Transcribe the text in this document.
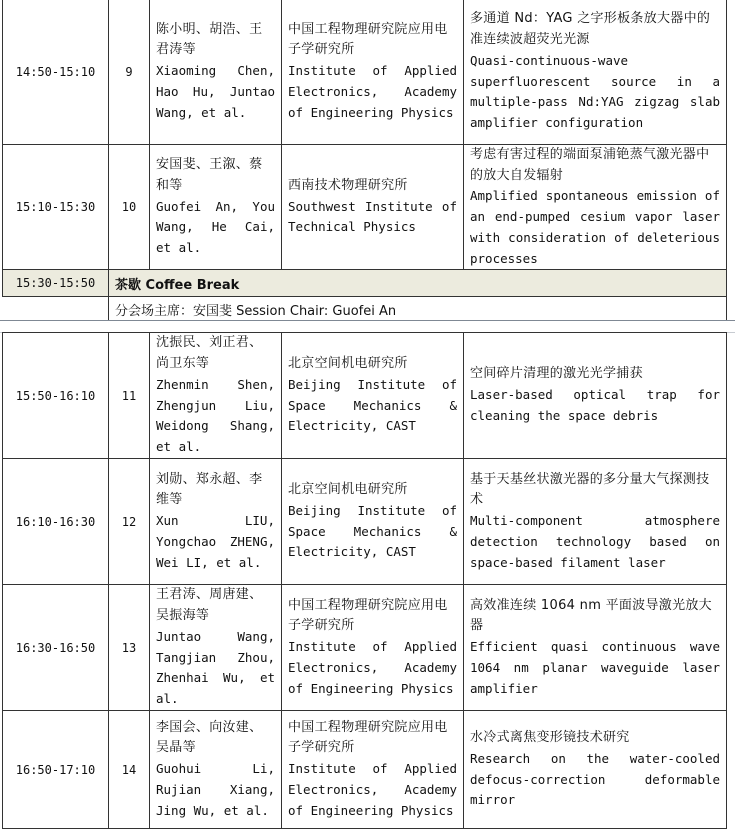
14:50-15:10	9	陈小明、胡浩、王君涛等
Xiaoming Chen, Hao Hu, Juntao Wang, et al.	中国工程物理研究院应用电子学研究所
Institute of Applied Electronics, Academy of Engineering Physics	多通道 Nd：YAG 之字形板条放大器中的准连续波超荧光光源
Quasi-continuous-wave superfluorescent source in a multiple-pass Nd:YAG zigzag slab amplifier configuration

15:10-15:30	10	安国斐、王溆、蔡和等
Guofei An, You Wang, He Cai, et al.	西南技术物理研究所
Southwest Institute of Technical Physics	考虑有害过程的端面泵浦铯蒸气激光器中的放大自发辐射
Amplified spontaneous emission of an end-pumped cesium vapor laser with consideration of deleterious processes

15:30-15:50	茶歇 Coffee Break			
	分会场主席：安国斐 Session Chair: Guofei An			
15:50-16:10	11	沈振民、刘正君、尚卫东等
Zhenmin Shen, Zhengjun Liu, Weidong Shang, et al.	北京空间机电研究所
Beijing Institute of Space Mechanics & Electricity, CAST	空间碎片清理的激光光学捕获
Laser-based optical trap for cleaning the space debris

16:10-16:30	12	刘勋、郑永超、李维等
Xun LIU, Yongchao ZHENG, Wei LI, et al.	北京空间机电研究所
Beijing Institute of Space Mechanics & Electricity, CAST	基于天基丝状激光器的多分量大气探测技术
Multi-component atmosphere detection technology based on space-based filament laser

16:30-16:50	13	王君涛、周唐建、吴振海等
Juntao Wang, Tangjian Zhou, Zhenhai Wu, et al.	中国工程物理研究院应用电子学研究所
Institute of Applied Electronics, Academy of Engineering Physics	高效准连续 1064 nm 平面波导激光放大器
Efficient quasi continuous wave 1064 nm planar waveguide laser amplifier

16:50-17:10	14	李国会、向汝建、吴晶等
Guohui Li, Rujian Xiang, Jing Wu, et al.	中国工程物理研究院应用电子学研究所
Institute of Applied Electronics, Academy of Engineering Physics	水冷式离焦变形镜技术研究
Research on the water-cooled defocus-correction deformable mirror
